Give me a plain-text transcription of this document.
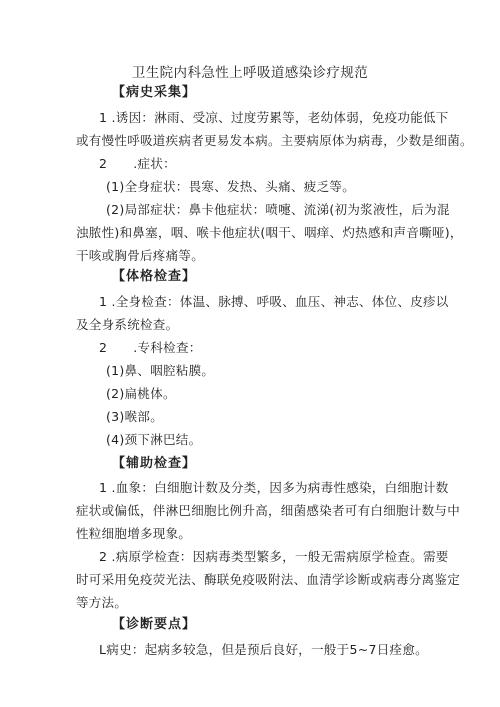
卫生院内科急性上呼吸道感染诊疗规范
【病史采集】
1 .诱因：淋雨、受凉、过度劳累等，老幼体弱，免疫功能低下
或有慢性呼吸道疾病者更易发本病。主要病原体为病毒，少数是细菌。
2 .症状：
(1)全身症状：畏寒、发热、头痛、疲乏等。
(2)局部症状：鼻卡他症状：喷嚏、流涕(初为浆液性，后为混
浊脓性)和鼻塞，咽、喉卡他症状(咽干、咽痒、灼热感和声音嘶哑)，
干咳或胸骨后疼痛等。
【体格检查】
1 .全身检查：体温、脉搏、呼吸、血压、神志、体位、皮疹以
及全身系统检查。
2 .专科检查：
(1)鼻、咽腔粘膜。
(2)扁桃体。
(3)喉部。
(4)颈下淋巴结。
【辅助检查】
1 .血象：白细胞计数及分类，因多为病毒性感染，白细胞计数
症状或偏低，伴淋巴细胞比例升高，细菌感染者可有白细胞计数与中
性粒细胞增多现象。
2 .病原学检查：因病毒类型繁多，一般无需病原学检查。需要
时可采用免疫荧光法、酶联免疫吸附法、血清学诊断或病毒分离鉴定
等方法。
【诊断要点】
L病史：起病多较急，但是预后良好，一般于5~7日痊愈。
